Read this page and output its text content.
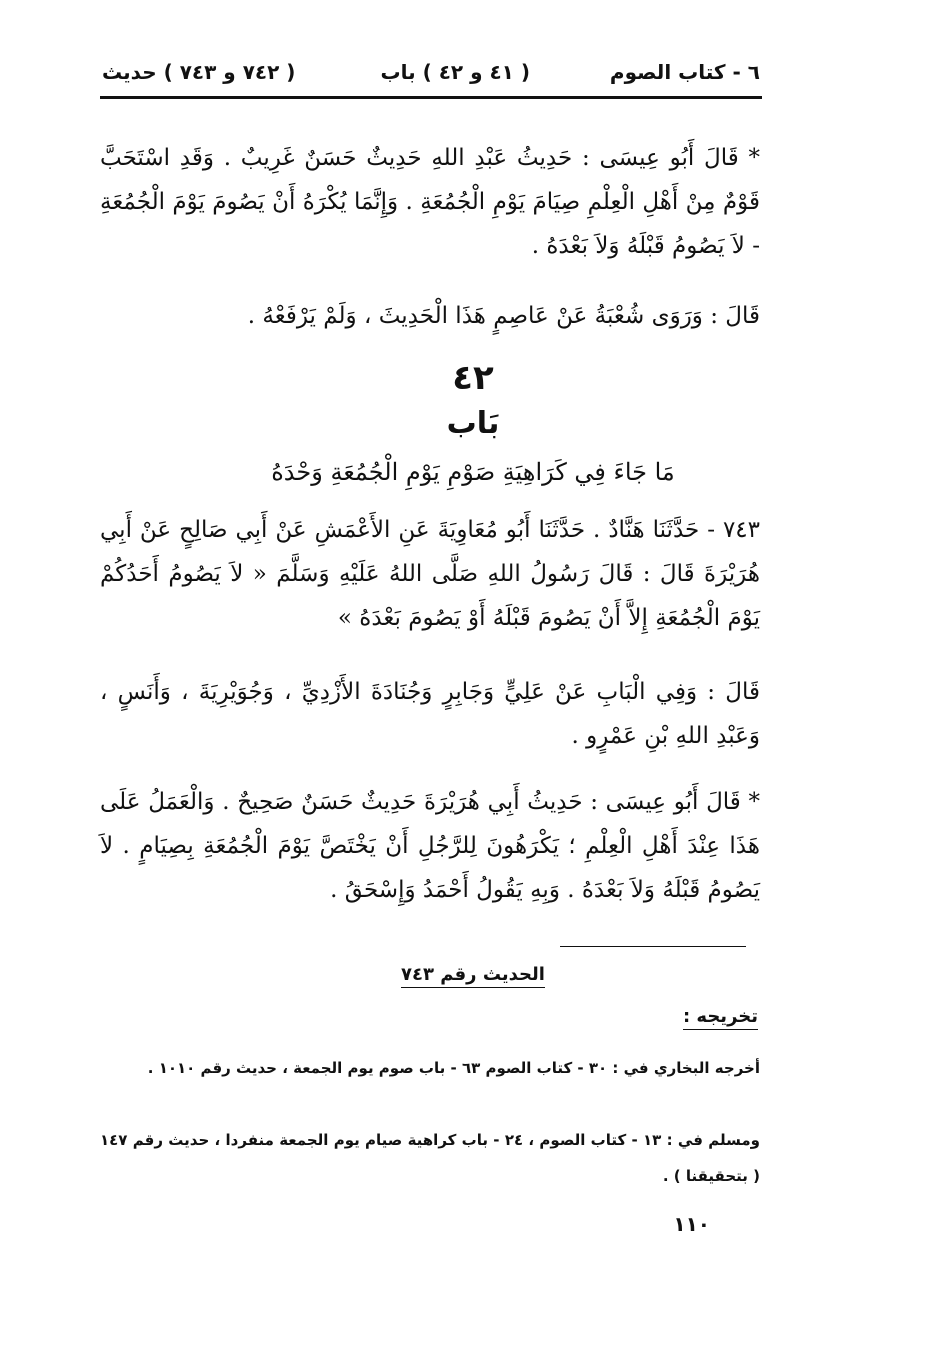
٦ - كتاب الصوم
( ٤١ و ٤٢ ) باب
( ٧٤٢ و ٧٤٣ ) حديث
* قَالَ أَبُو عِيسَى : حَدِيثُ عَبْدِ اللهِ حَدِيثٌ حَسَنٌ غَرِيبٌ . وَقَدِ اسْتَحَبَّ قَوْمٌ مِنْ أَهْلِ الْعِلْمِ صِيَامَ يَوْمِ الْجُمُعَةِ . وَإِنَّمَا يُكْرَهُ أَنْ يَصُومَ يَوْمَ الْجُمُعَةِ - لاَ يَصُومُ قَبْلَهُ وَلاَ بَعْدَهُ .
قَالَ : وَرَوَى شُعْبَةُ عَنْ عَاصِمٍ هَذَا الْحَدِيثَ ، وَلَمْ يَرْفَعْهُ .
٤٢
بَاب
مَا جَاءَ فِي كَرَاهِيَةِ صَوْمِ يَوْمِ الْجُمُعَةِ وَحْدَهُ
٧٤٣ - حَدَّثَنَا هَنَّادٌ . حَدَّثَنَا أَبُو مُعَاوِيَةَ عَنِ الأَعْمَشِ عَنْ أَبِي صَالِحٍ عَنْ أَبِي هُرَيْرَةَ قَالَ : قَالَ رَسُولُ اللهِ صَلَّى اللهُ عَلَيْهِ وَسَلَّمَ « لاَ يَصُومُ أَحَدُكُمْ يَوْمَ الْجُمُعَةِ إِلاَّ أَنْ يَصُومَ قَبْلَهُ أَوْ يَصُومَ بَعْدَهُ »
قَالَ : وَفِي الْبَابِ عَنْ عَلِيٍّ وَجَابِرٍ وَجُنَادَةَ الأَزْدِيِّ ، وَجُوَيْرِيَةَ ، وَأَنَسٍ ، وَعَبْدِ اللهِ بْنِ عَمْرٍو .
* قَالَ أَبُو عِيسَى : حَدِيثُ أَبِي هُرَيْرَةَ حَدِيثٌ حَسَنٌ صَحِيحٌ . وَالْعَمَلُ عَلَى هَذَا عِنْدَ أَهْلِ الْعِلْمِ ؛ يَكْرَهُونَ لِلرَّجُلِ أَنْ يَخْتَصَّ يَوْمَ الْجُمُعَةِ بِصِيَامٍ . لاَ يَصُومُ قَبْلَهُ وَلاَ بَعْدَهُ . وَبِهِ يَقُولُ أَحْمَدُ وَإِسْحَقُ .
الحديث رقم ٧٤٣
تخريجه :
أخرجه البخاري في : ٣٠ - كتاب الصوم ٦٣ - باب صوم يوم الجمعة ، حديث رقم ١٠١٠ .
ومسلم في : ١٣ - كتاب الصوم ، ٢٤ - باب كراهية صيام يوم الجمعة منفردا ، حديث رقم ١٤٧ ( بتحقيقنا ) .
١١٠
